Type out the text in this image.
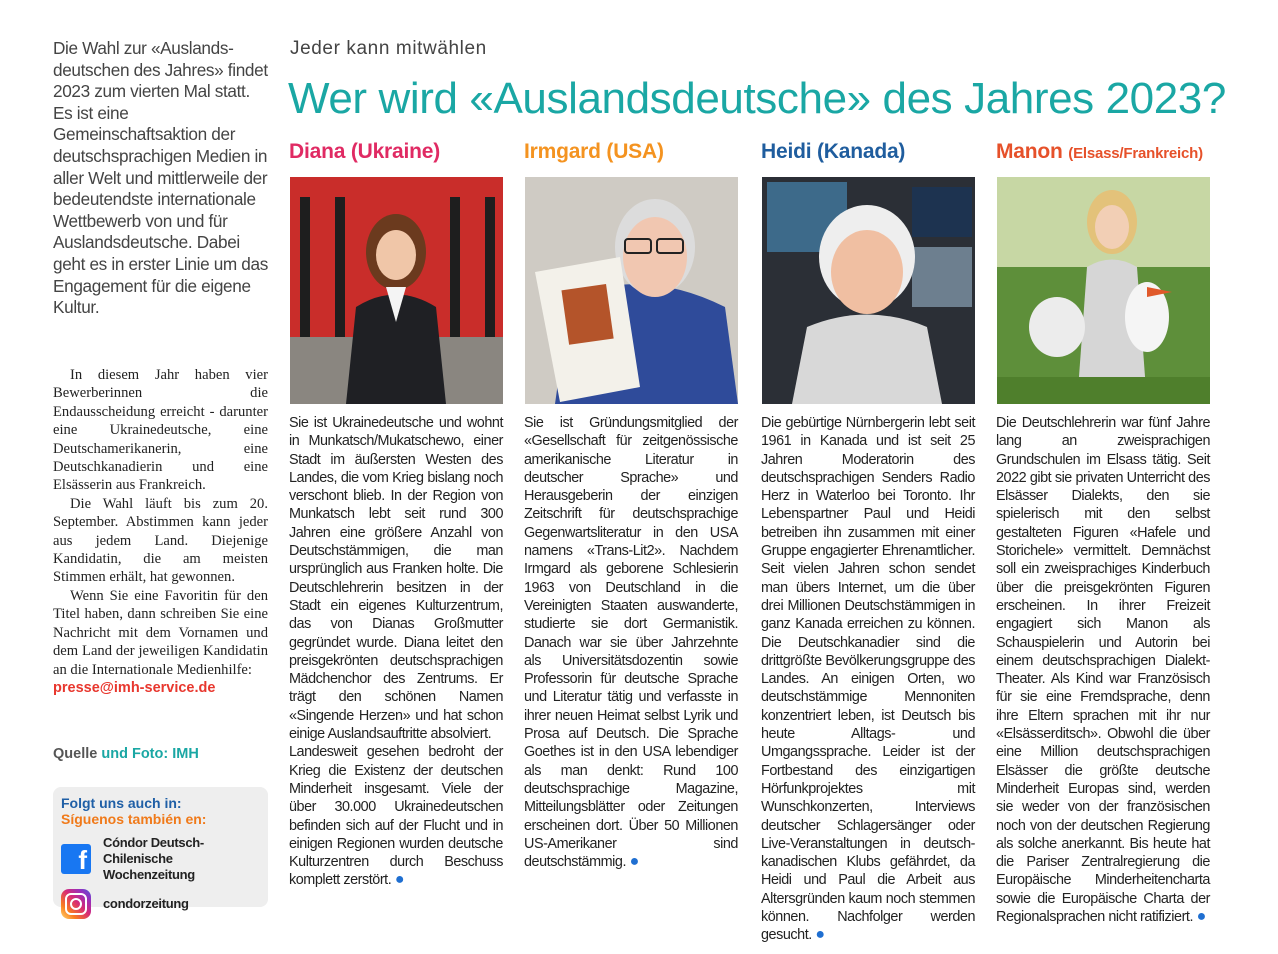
Die Wahl zur «Auslandsdeutschen des Jahres» findet 2023 zum vierten Mal statt. Es ist eine Gemeinschaftsaktion der deutschsprachigen Medien in aller Welt und mittlerweile der bedeutendste internationale Wettbewerb von und für Auslandsdeutsche. Dabei geht es in erster Linie um das Engagement für die eigene Kultur.

In diesem Jahr haben vier Bewerberinnen die Endausscheidung erreicht - darunter eine Ukrainedeutsche, eine Deutschamerikanerin, eine Deutschkanadierin und eine Elsässerin aus Frankreich.

Die Wahl läuft bis zum 20. September. Abstimmen kann jeder aus jedem Land. Diejenige Kandidatin, die am meisten Stimmen erhält, hat gewonnen.

Wenn Sie eine Favoritin für den Titel haben, dann schreiben Sie eine Nachricht mit dem Vornamen und dem Land der jeweiligen Kandidatin an die Internationale Medienhilfe:
presse@imh-service.de

Quelle und Foto: IMH
Folgt uns auch in:
Síguenos también en:
f
Cóndor Deutsch-Chilenische Wochenzeitung
condorzeitung
Jeder kann mitwählen
Wer wird «Auslandsdeutsche» des Jahres 2023?
Diana (Ukraine)
Sie ist Ukrainedeutsche und wohnt in Munkatsch/Mukatschewo, einer Stadt im äußersten Westen des Landes, die vom Krieg bislang noch verschont blieb. In der Region von Munkatsch lebt seit rund 300 Jahren eine größere Anzahl von Deutschstämmigen, die man ursprünglich aus Franken holte. Die Deutschlehrerin besitzen in der Stadt ein eigenes Kulturzentrum, das von Dianas Großmutter gegründet wurde. Diana leitet den preisgekrönten deutschsprachigen Mädchenchor des Zentrums. Er trägt den schönen Namen «Singende Herzen» und hat schon einige Auslandsauftritte absolviert.
Landesweit gesehen bedroht der Krieg die Existenz der deutschen Minderheit insgesamt. Viele der über 30.000 Ukrainedeutschen befinden sich auf der Flucht und in einigen Regionen wurden deutsche Kulturzentren durch Beschuss komplett zerstört. ●
Irmgard (USA)
Sie ist Gründungsmitglied der «Gesellschaft für zeitgenössische amerikanische Literatur in deutscher Sprache» und Herausgeberin der einzigen Zeitschrift für deutschsprachige Gegenwartsliteratur in den USA namens «Trans-Lit2». Nachdem Irmgard als geborene Schlesierin 1963 von Deutschland in die Vereinigten Staaten auswanderte, studierte sie dort Germanistik. Danach war sie über Jahrzehnte als Universitätsdozentin sowie Professorin für deutsche Sprache und Literatur tätig und verfasste in ihrer neuen Heimat selbst Lyrik und Prosa auf Deutsch. Die Sprache Goethes ist in den USA lebendiger als man denkt: Rund 100 deutschsprachige Magazine, Mitteilungsblätter oder Zeitungen erscheinen dort. Über 50 Millionen US-Amerikaner sind deutschstämmig. ●
Heidi (Kanada)
Die gebürtige Nürnbergerin lebt seit 1961 in Kanada und ist seit 25 Jahren Moderatorin des deutschsprachigen Senders Radio Herz in Waterloo bei Toronto. Ihr Lebenspartner Paul und Heidi betreiben ihn zusammen mit einer Gruppe engagierter Ehrenamtlicher. Seit vielen Jahren schon sendet man übers Internet, um die über drei Millionen Deutschstämmigen in ganz Kanada erreichen zu können. Die Deutschkanadier sind die drittgrößte Bevölkerungsgruppe des Landes. An einigen Orten, wo deutschstämmige Mennoniten konzentriert leben, ist Deutsch bis heute Alltags- und Umgangssprache. Leider ist der Fortbestand des einzigartigen Hörfunkprojektes mit Wunschkonzerten, Interviews deutscher Schlagersänger oder Live-Veranstaltungen in deutsch-kanadischen Klubs gefährdet, da Heidi und Paul die Arbeit aus Altersgründen kaum noch stemmen können. Nachfolger werden gesucht. ●
Manon (Elsass/Frankreich)
Die Deutschlehrerin war fünf Jahre lang an zweisprachigen Grundschulen im Elsass tätig. Seit 2022 gibt sie privaten Unterricht des Elsässer Dialekts, den sie spielerisch mit den selbst gestalteten Figuren «Hafele und Storichele» vermittelt. Demnächst soll ein zweisprachiges Kinderbuch über die preisgekrönten Figuren erscheinen. In ihrer Freizeit engagiert sich Manon als Schauspielerin und Autorin bei einem deutschsprachigen Dialekt-Theater. Als Kind war Französisch für sie eine Fremdsprache, denn ihre Eltern sprachen mit ihr nur «Elsässerditsch». Obwohl die über eine Million deutschsprachigen Elsässer die größte deutsche Minderheit Europas sind, werden sie weder von der französischen noch von der deutschen Regierung als solche anerkannt. Bis heute hat die Pariser Zentralregierung die Europäische Minderheitencharta sowie die Europäische Charta der Regionalsprachen nicht ratifiziert. ●
